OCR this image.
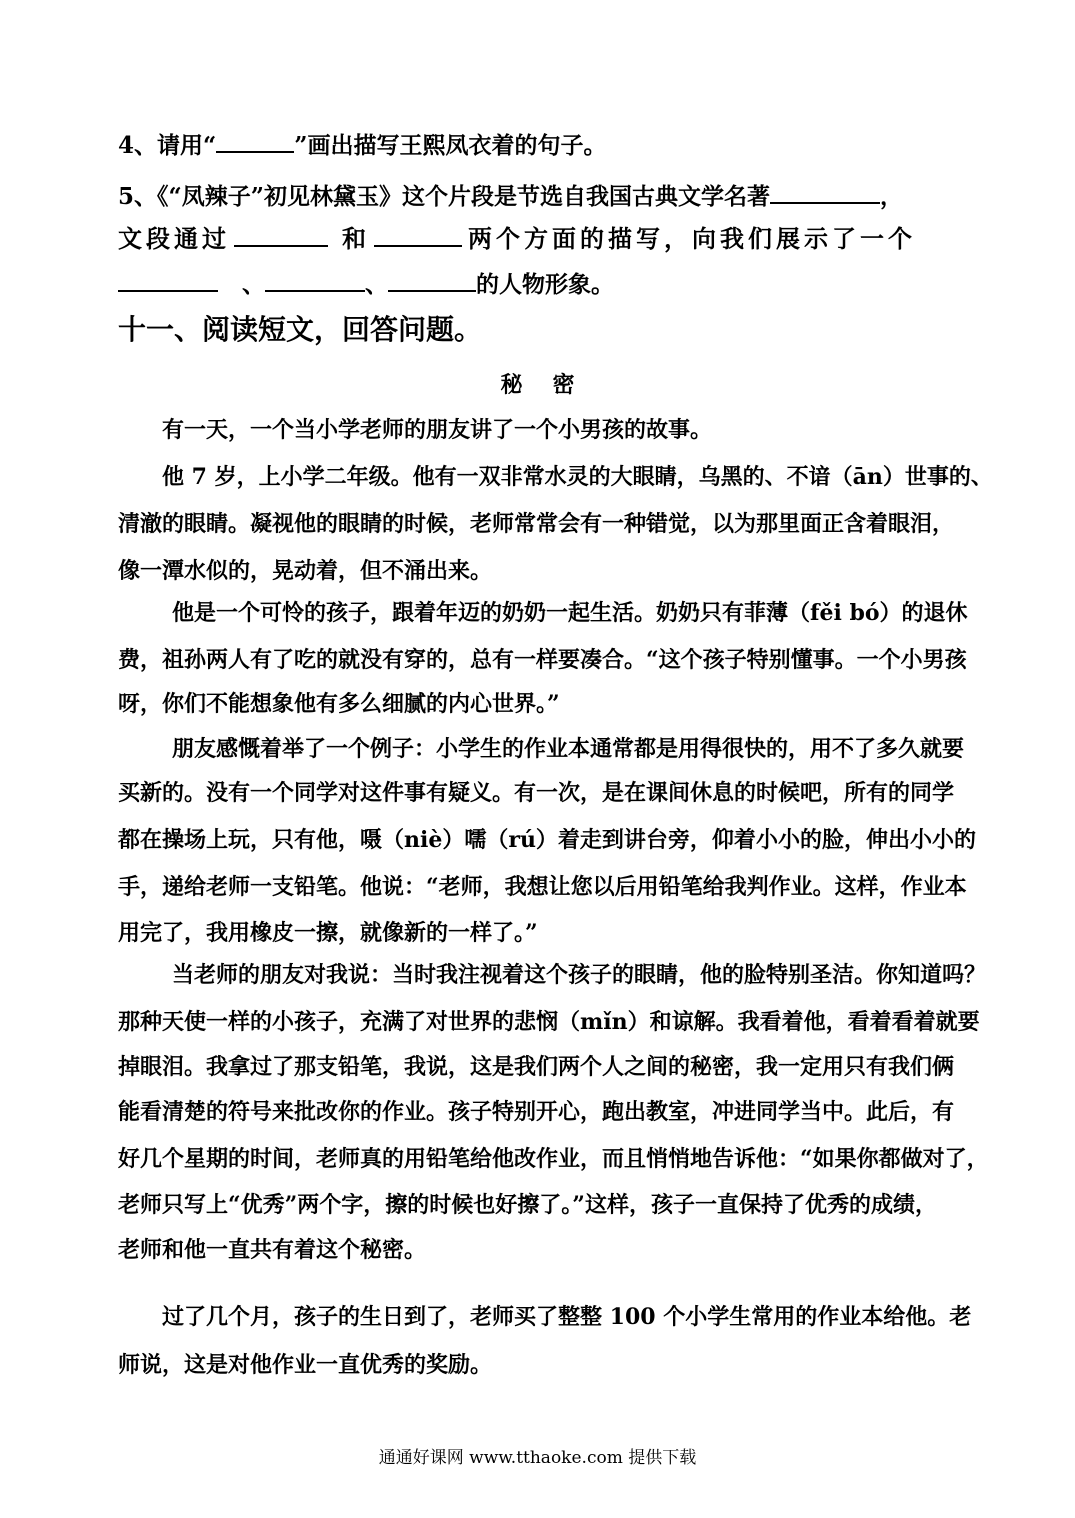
4、请用“	”画出描写王熙凤衣着的句子。
5、《“凤辣子”初见林黛玉》这个片段是节选自我国古典文学名著	，
文段通过	和	两个方面的描写，向我们展示了一个
、	、	的人物形象。
十一、阅读短文，回答问题。
秘密
有一天，一个当小学老师的朋友讲了一个小男孩的故事。
他 7 岁，上小学二年级。他有一双非常水灵的大眼睛，乌黑的、不谙（ān）世事的、
清澈的眼睛。凝视他的眼睛的时候，老师常常会有一种错觉，以为那里面正含着眼泪，
像一潭水似的，晃动着，但不涌出来。
他是一个可怜的孩子，跟着年迈的奶奶一起生活。奶奶只有菲薄（fěi bó）的退休
费，祖孙两人有了吃的就没有穿的，总有一样要凑合。“这个孩子特别懂事。一个小男孩
呀，你们不能想象他有多么细腻的内心世界。”
朋友感慨着举了一个例子：小学生的作业本通常都是用得很快的，用不了多久就要
买新的。没有一个同学对这件事有疑义。有一次，是在课间休息的时候吧，所有的同学
都在操场上玩，只有他，嗫（niè）嚅（rú）着走到讲台旁，仰着小小的脸，伸出小小的
手，递给老师一支铅笔。他说：“老师，我想让您以后用铅笔给我判作业。这样，作业本
用完了，我用橡皮一擦，就像新的一样了。”
当老师的朋友对我说：当时我注视着这个孩子的眼睛，他的脸特别圣洁。你知道吗？
那种天使一样的小孩子，充满了对世界的悲悯（mǐn）和谅解。我看着他，看着看着就要
掉眼泪。我拿过了那支铅笔，我说，这是我们两个人之间的秘密，我一定用只有我们俩
能看清楚的符号来批改你的作业。孩子特别开心，跑出教室，冲进同学当中。此后，有
好几个星期的时间，老师真的用铅笔给他改作业，而且悄悄地告诉他：“如果你都做对了，
老师只写上“优秀”两个字，擦的时候也好擦了。”这样，孩子一直保持了优秀的成绩，
老师和他一直共有着这个秘密。
过了几个月，孩子的生日到了，老师买了整整 100 个小学生常用的作业本给他。老
师说，这是对他作业一直优秀的奖励。
通通好课网 www.tthaoke.com 提供下载
